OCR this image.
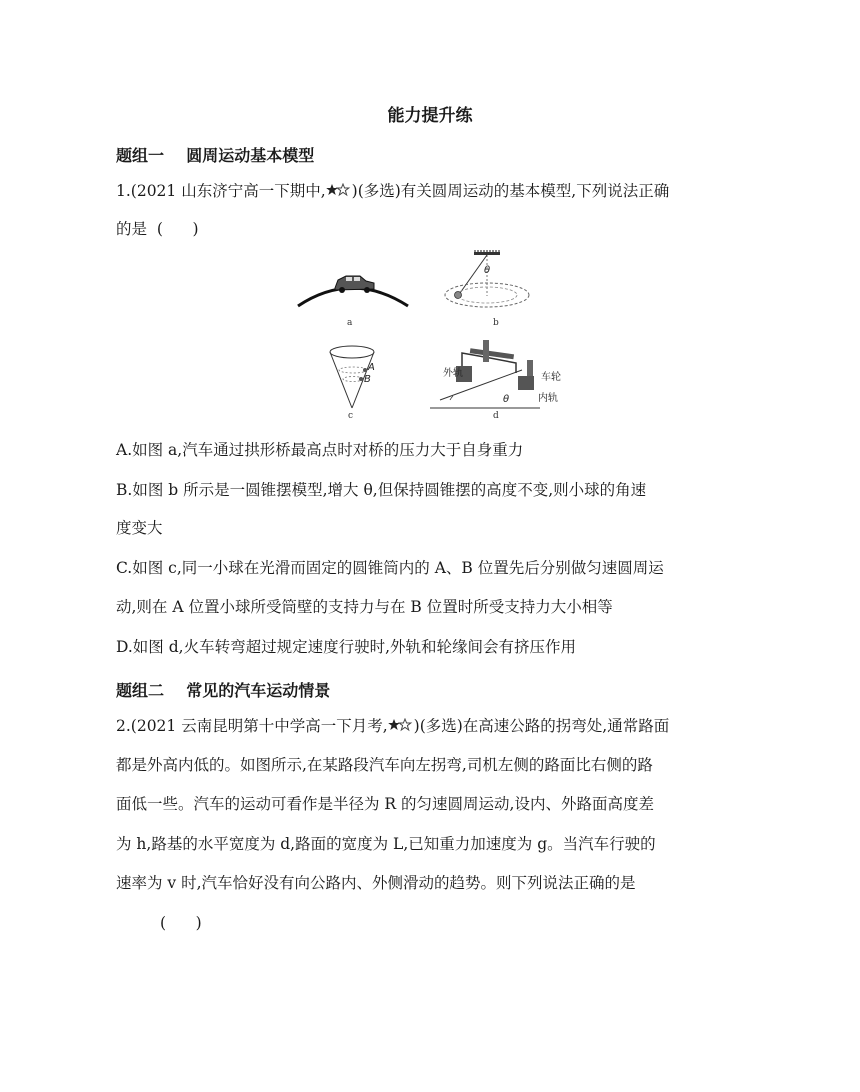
能力提升练
题组一    圆周运动基本模型
1.(2021 山东济宁高一下期中, )(多选)有关圆周运动的基本模型,下列说法正确
的是  (      )
a	b
θ
A
B
c
外轨	车轮
内轨
θ
d
A.如图 a,汽车通过拱形桥最高点时对桥的压力大于自身重力
B.如图 b 所示是一圆锥摆模型,增大 θ,但保持圆锥摆的高度不变,则小球的角速
度变大
C.如图 c,同一小球在光滑而固定的圆锥筒内的 A、B 位置先后分别做匀速圆周运
动,则在 A 位置小球所受筒壁的支持力与在 B 位置时所受支持力大小相等
D.如图 d,火车转弯超过规定速度行驶时,外轨和轮缘间会有挤压作用
题组二    常见的汽车运动情景
2.(2021 云南昆明第十中学高一下月考, )(多选)在高速公路的拐弯处,通常路面
都是外高内低的。如图所示,在某路段汽车向左拐弯,司机左侧的路面比右侧的路
面低一些。汽车的运动可看作是半径为 R 的匀速圆周运动,设内、外路面高度差
为 h,路基的水平宽度为 d,路面的宽度为 L,已知重力加速度为 g。当汽车行驶的
速率为 v 时,汽车恰好没有向公路内、外侧滑动的趋势。则下列说法正确的是
(      )
